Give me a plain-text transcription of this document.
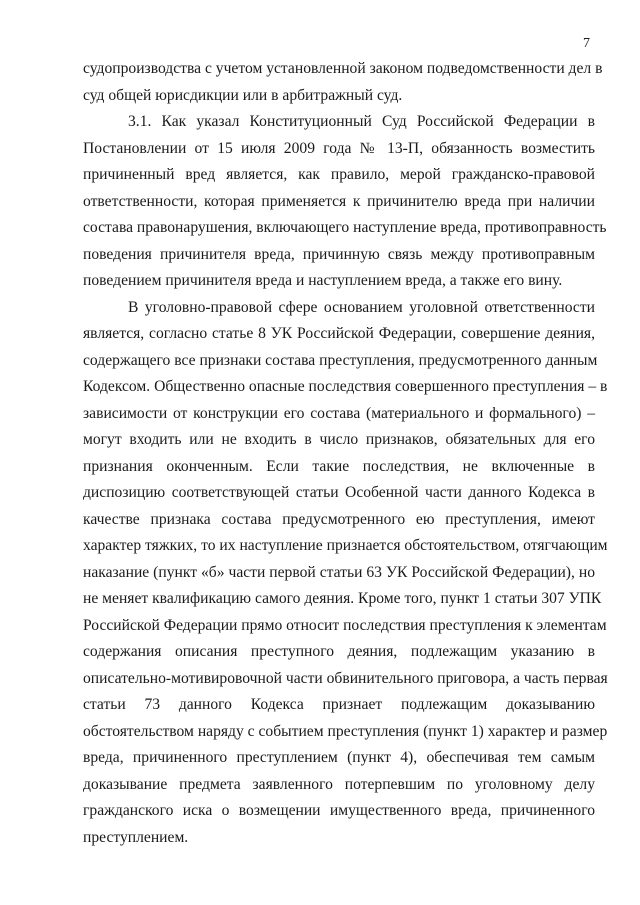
7
судопроизводства с учетом установленной законом подведомственности дел в
суд общей юрисдикции или в арбитражный суд.
3.1. Как указал Конституционный Суд Российской Федерации в
Постановлении от 15 июля 2009 года № 13-П, обязанность возместить
причиненный вред является, как правило, мерой гражданско-правовой
ответственности, которая применяется к причинителю вреда при наличии
состава правонарушения, включающего наступление вреда, противоправность
поведения причинителя вреда, причинную связь между противоправным
поведением причинителя вреда и наступлением вреда, а также его вину.
В уголовно-правовой сфере основанием уголовной ответственности
является, согласно статье 8 УК Российской Федерации, совершение деяния,
содержащего все признаки состава преступления, предусмотренного данным
Кодексом. Общественно опасные последствия совершенного преступления – в
зависимости от конструкции его состава (материального и формального) –
могут входить или не входить в число признаков, обязательных для его
признания оконченным. Если такие последствия, не включенные в
диспозицию соответствующей статьи Особенной части данного Кодекса в
качестве признака состава предусмотренного ею преступления, имеют
характер тяжких, то их наступление признается обстоятельством, отягчающим
наказание (пункт «б» части первой статьи 63 УК Российской Федерации), но
не меняет квалификацию самого деяния. Кроме того, пункт 1 статьи 307 УПК
Российской Федерации прямо относит последствия преступления к элементам
содержания описания преступного деяния, подлежащим указанию в
описательно-мотивировочной части обвинительного приговора, а часть первая
статьи 73 данного Кодекса признает подлежащим доказыванию
обстоятельством наряду с событием преступления (пункт 1) характер и размер
вреда, причиненного преступлением (пункт 4), обеспечивая тем самым
доказывание предмета заявленного потерпевшим по уголовному делу
гражданского иска о возмещении имущественного вреда, причиненного
преступлением.
